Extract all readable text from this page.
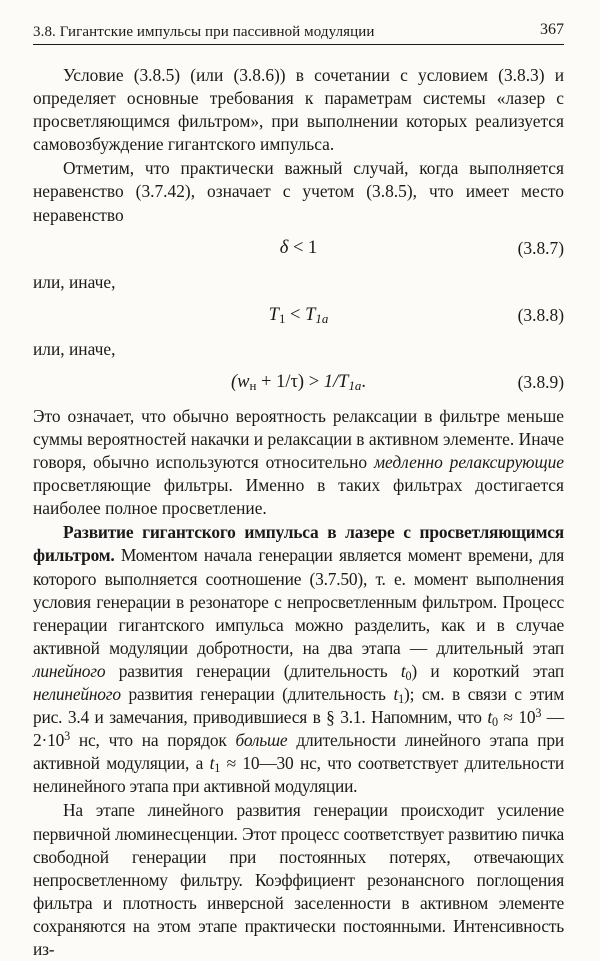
3.8. Гигантские импульсы при пассивной модуляции	367

Условие (3.8.5) (или (3.8.6)) в сочетании с условием (3.8.3) и определяет основные требования к параметрам системы «лазер с просветляющимся фильтром», при выполнении которых реализуется самовозбуждение гигантского импульса.

Отметим, что практически важный случай, когда выполняется неравенство (3.7.42), означает с учетом (3.8.5), что имеет место неравенство

δ < 1	(3.8.7)

или, иначе,

$T_1 < T_{1a}$	(3.8.8)

или, иначе,

$(w_н + 1/\tau) > 1/T_{1a}$.	(3.8.9)

Это означает, что обычно вероятность релаксации в фильтре меньше суммы вероятностей накачки и релаксации в активном элементе. Иначе говоря, обычно используются относительно медленно релаксирующие просветляющие фильтры. Именно в таких фильтрах достигается наиболее полное просветление.

Развитие гигантского импульса в лазере с просветляющимся фильтром. Моментом начала генерации является момент времени, для которого выполняется соотношение (3.7.50), т. е. момент выполнения условия генерации в резонаторе с непросветленным фильтром. Процесс генерации гигантского импульса можно разделить, как и в случае активной модуляции добротности, на два этапа — длительный этап линейного развития генерации (длительность $t_0$) и короткий этап нелинейного развития генерации (длительность $t_1$); см. в связи с этим рис. 3.4 и замечания, приводившиеся в § 3.1. Напомним, что $t_0 \approx 10^3$ — $2\cdot 10^3$ нс, что на порядок больше длительности линейного этапа при активной модуляции, а $t_1$ ≈ 10—30 нс, что соответствует длительности нелинейного этапа при активной модуляции.

На этапе линейного развития генерации происходит усиление первичной люминесценции. Этот процесс соответствует развитию пичка свободной генерации при постоянных потерях, отвечающих непросветленному фильтру. Коэффициент резонансного поглощения фильтра и плотность инверсной заселенности в активном элементе сохраняются на этом этапе практически постоянными. Интенсивность из-
